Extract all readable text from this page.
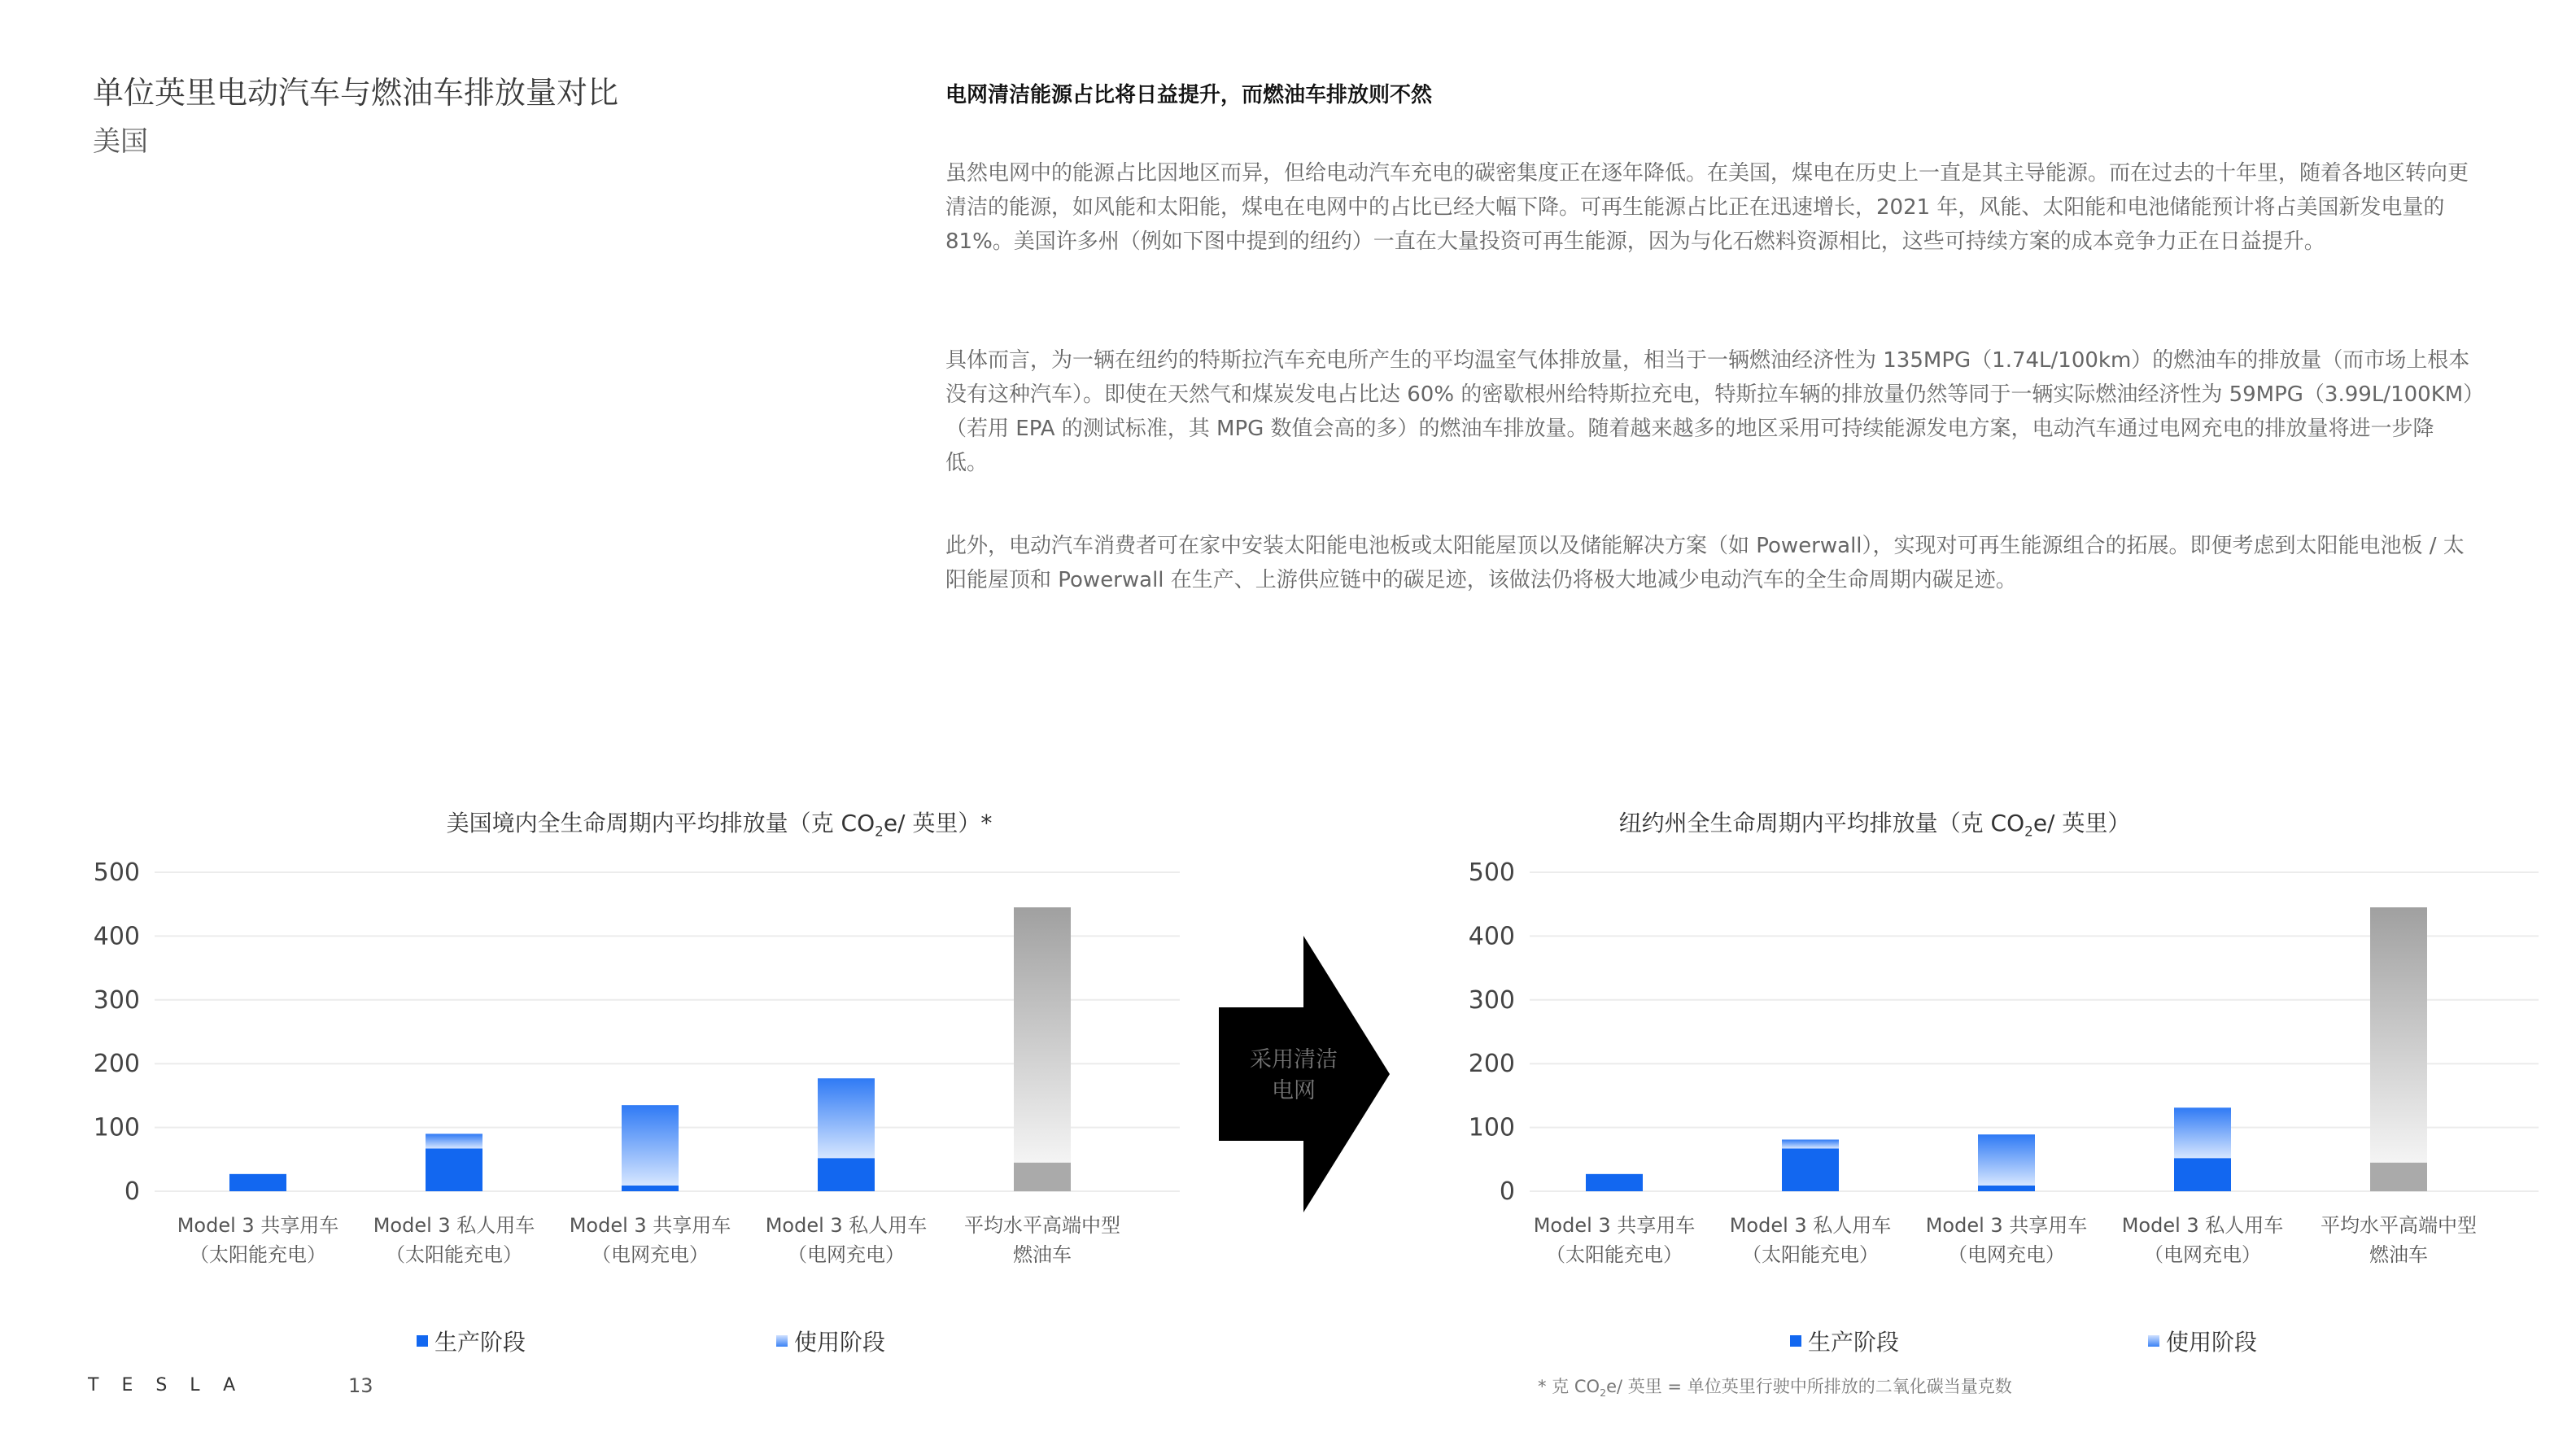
单位英里电动汽车与燃油车排放量对比
美国
电网清洁能源占比将日益提升，而燃油车排放则不然

虽然电网中的能源占比因地区而异，但给电动汽车充电的碳密集度正在逐年降低。在美国，煤电在历史上一直是其主导能源。而在过去的十年里，随着各地区转向更清洁的能源，如风能和太阳能，煤电在电网中的占比已经大幅下降。可再生能源占比正在迅速增长，2021 年，风能、太阳能和电池储能预计将占美国新发电量的 81%。美国许多州（例如下图中提到的纽约）一直在大量投资可再生能源，因为与化石燃料资源相比，这些可持续方案的成本竞争力正在日益提升。

具体而言，为一辆在纽约的特斯拉汽车充电所产生的平均温室气体排放量，相当于一辆燃油经济性为 135MPG（1.74L/100km）的燃油车的排放量（而市场上根本没有这种汽车）。即使在天然气和煤炭发电占比达 60% 的密歇根州给特斯拉充电，特斯拉车辆的排放量仍然等同于一辆实际燃油经济性为 59MPG（3.99L/100KM）（若用 EPA 的测试标准，其 MPG 数值会高的多）的燃油车排放量。随着越来越多的地区采用可持续能源发电方案，电动汽车通过电网充电的排放量将进一步降低。

此外，电动汽车消费者可在家中安装太阳能电池板或太阳能屋顶以及储能解决方案（如 Powerwall），实现对可再生能源组合的拓展。即便考虑到太阳能电池板 / 太阳能屋顶和 Powerwall 在生产、上游供应链中的碳足迹，该做法仍将极大地减少电动汽车的全生命周期内碳足迹。

美国境内全生命周期内平均排放量（克 $CO_2e/$ 英里）*	纽约州全生命周期内平均排放量（克 $CO_2e/$ 英里）
0
100
200
300
400
500
Model 3 共享用车
（太阳能充电）
Model 3 私人用车
（太阳能充电）
Model 3 共享用车
（电网充电）
Model 3 私人用车
（电网充电）
平均水平高端中型
燃油车
0
100
200
300
400
500
Model 3 共享用车
（太阳能充电）
Model 3 私人用车
（太阳能充电）
Model 3 共享用车
（电网充电）
Model 3 私人用车
（电网充电）
平均水平高端中型
燃油车
生产阶段	使用阶段	生产阶段	使用阶段
采用清洁
电网
TESLA	13	* 克 $CO_2e/$ 英里 = 单位英里行驶中所排放的二氧化碳当量克数
